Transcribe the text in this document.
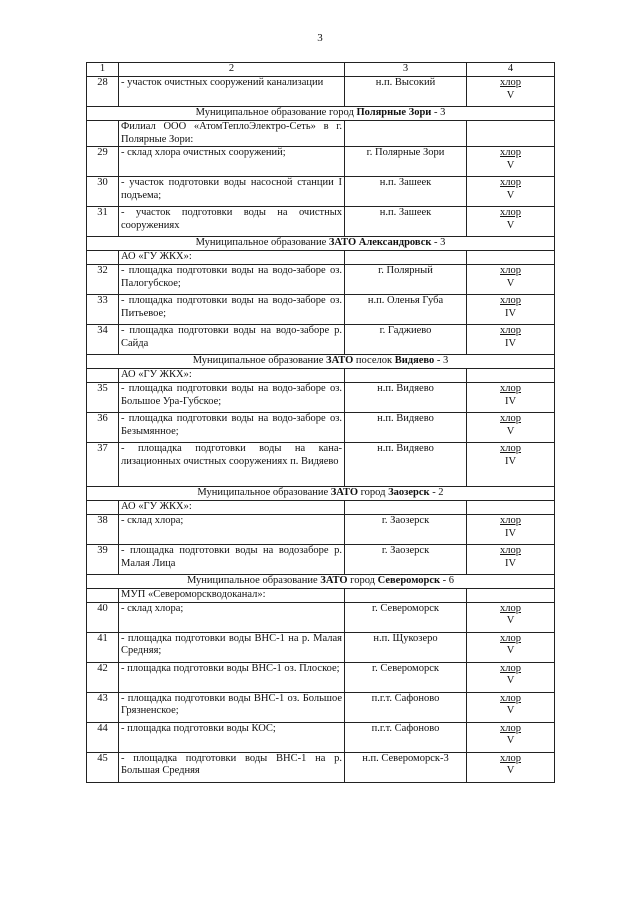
3
1	2	3	4
28	- участок очистных сооружений канализации	н.п. Высокий	хлор
V

Муниципальное образование город Полярные Зори - 3			
	Филиал ООО «АтомТеплоЭлектро-Сеть» в г. Полярные Зори:		
29	- склад хлора очистных сооружений;	г. Полярные Зори	хлор
V

30	- участок подготовки воды насосной станции I подъема;	н.п. Зашеек	хлор
V

31	- участок подготовки воды на очистных сооружениях	н.п. Зашеек	хлор
V

Муниципальное образование ЗАТО Александровск - 3			
	АО «ГУ ЖКХ»:		
32	- площадка подготовки воды на водо-заборе оз. Палогубское;	г. Полярный	хлор
V

33	- площадка подготовки воды на водо-заборе оз. Питьевое;	н.п. Оленья Губа	хлор
IV

34	- площадка подготовки воды на водо-заборе р. Сайда	г. Гаджиево	хлор
IV

Муниципальное образование ЗАТО поселок Видяево - 3			
	АО «ГУ ЖКХ»:		
35	- площадка подготовки воды на водо-заборе оз. Большое Ура-Губское;	н.п. Видяево	хлор
IV

36	- площадка подготовки воды на водо-заборе оз. Безымянное;	н.п. Видяево	хлор
V

37	- площадка подготовки воды на кана-лизационных очистных сооружениях п. Видяево	н.п. Видяево	хлор
IV

Муниципальное образование ЗАТО город Заозерск - 2			
	АО «ГУ ЖКХ»:		
38	- склад хлора;	г. Заозерск	хлор
IV

39	- площадка подготовки воды на водозаборе р. Малая Лица	г. Заозерск	хлор
IV

Муниципальное образование ЗАТО город Североморск - 6			
	МУП «Североморскводоканал»:		
40	- склад хлора;	г. Североморск	хлор
V

41	- площадка подготовки воды ВНС-1 на р. Малая Средняя;	н.п. Щукозеро	хлор
V

42	- площадка подготовки воды ВНС-1 оз. Плоское;	г. Североморск	хлор
V

43	- площадка подготовки воды ВНС-1 оз. Большое Грязненское;	п.г.т. Сафоново	хлор
V

44	- площадка подготовки воды КОС;	п.г.т. Сафоново	хлор
V

45	- площадка подготовки воды ВНС-1 на р. Большая Средняя	н.п. Североморск-3	хлор
V
